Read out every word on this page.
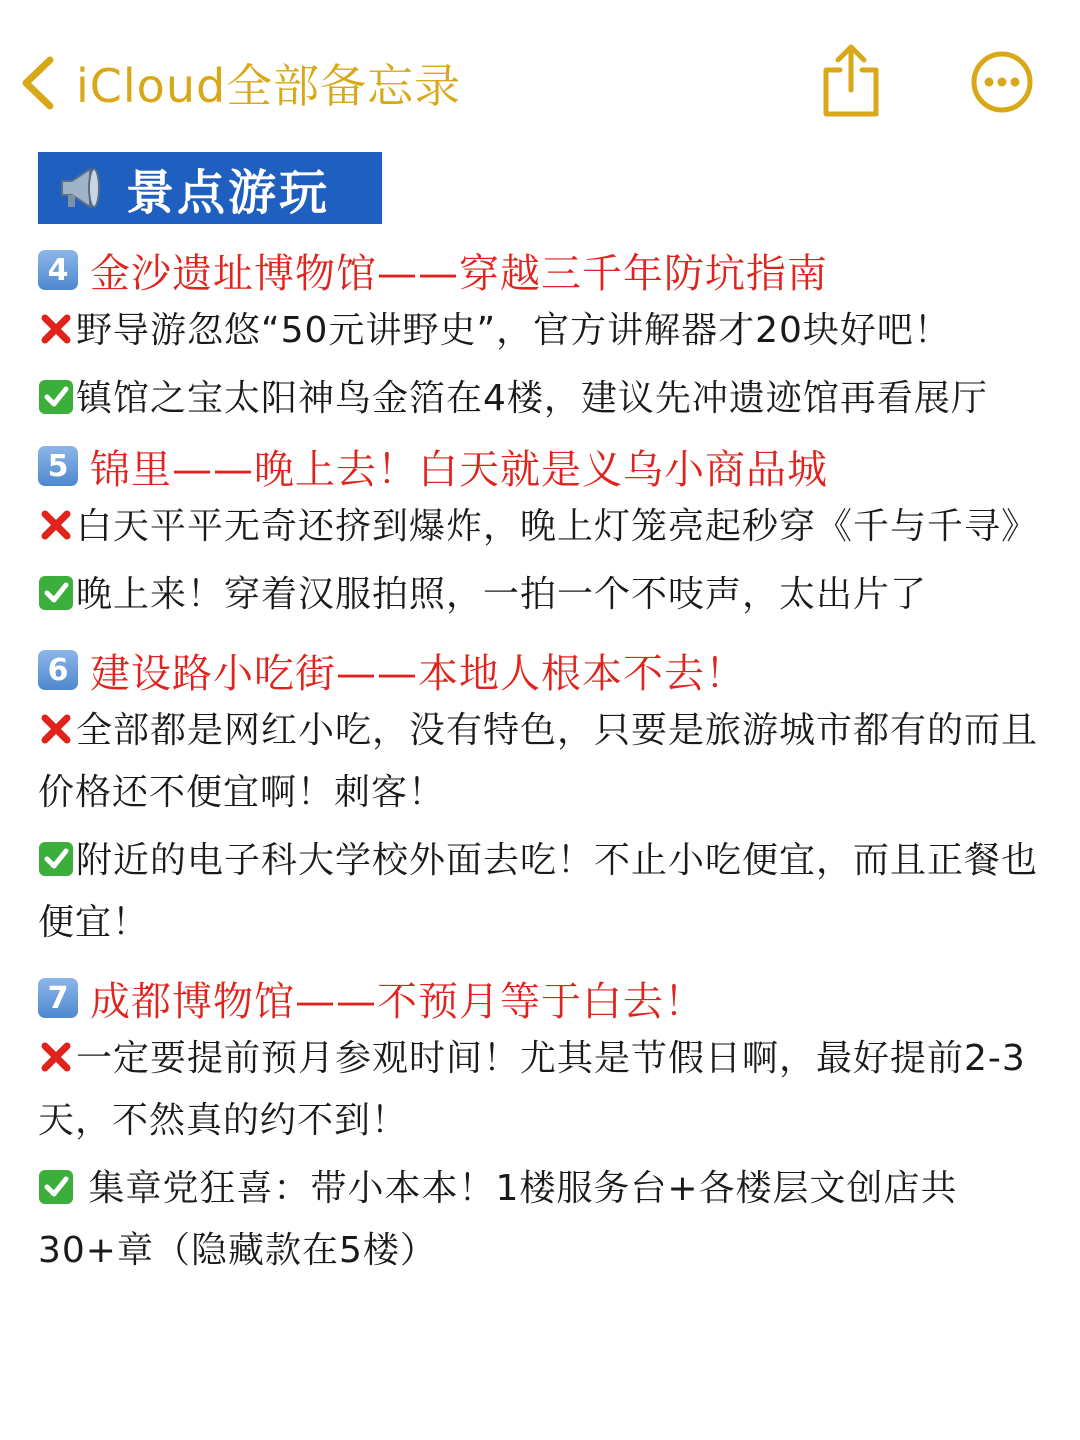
iCloud全部备忘录
景点游玩
4 金沙遗址博物馆——穿越三千年防坑指南
野导游忽悠“50元讲野史”，官方讲解器才20块好吧！
镇馆之宝太阳神鸟金箔在4楼，建议先冲遗迹馆再看展厅
5 锦里——晚上去！白天就是义乌小商品城
白天平平无奇还挤到爆炸，晚上灯笼亮起秒穿《千与千寻》
晚上来！穿着汉服拍照，一拍一个不吱声，太出片了
6 建设路小吃街——本地人根本不去！
全部都是网红小吃，没有特色，只要是旅游城市都有的而且价格还不便宜啊！刺客！
附近的电子科大学校外面去吃！不止小吃便宜，而且正餐也便宜！
7 成都博物馆——不预月等于白去！
一定要提前预月参观时间！尤其是节假日啊，最好提前2-3天，不然真的约不到！
集章党狂喜：带小本本！1楼服务台+各楼层文创店共30+章（隐藏款在5楼）
